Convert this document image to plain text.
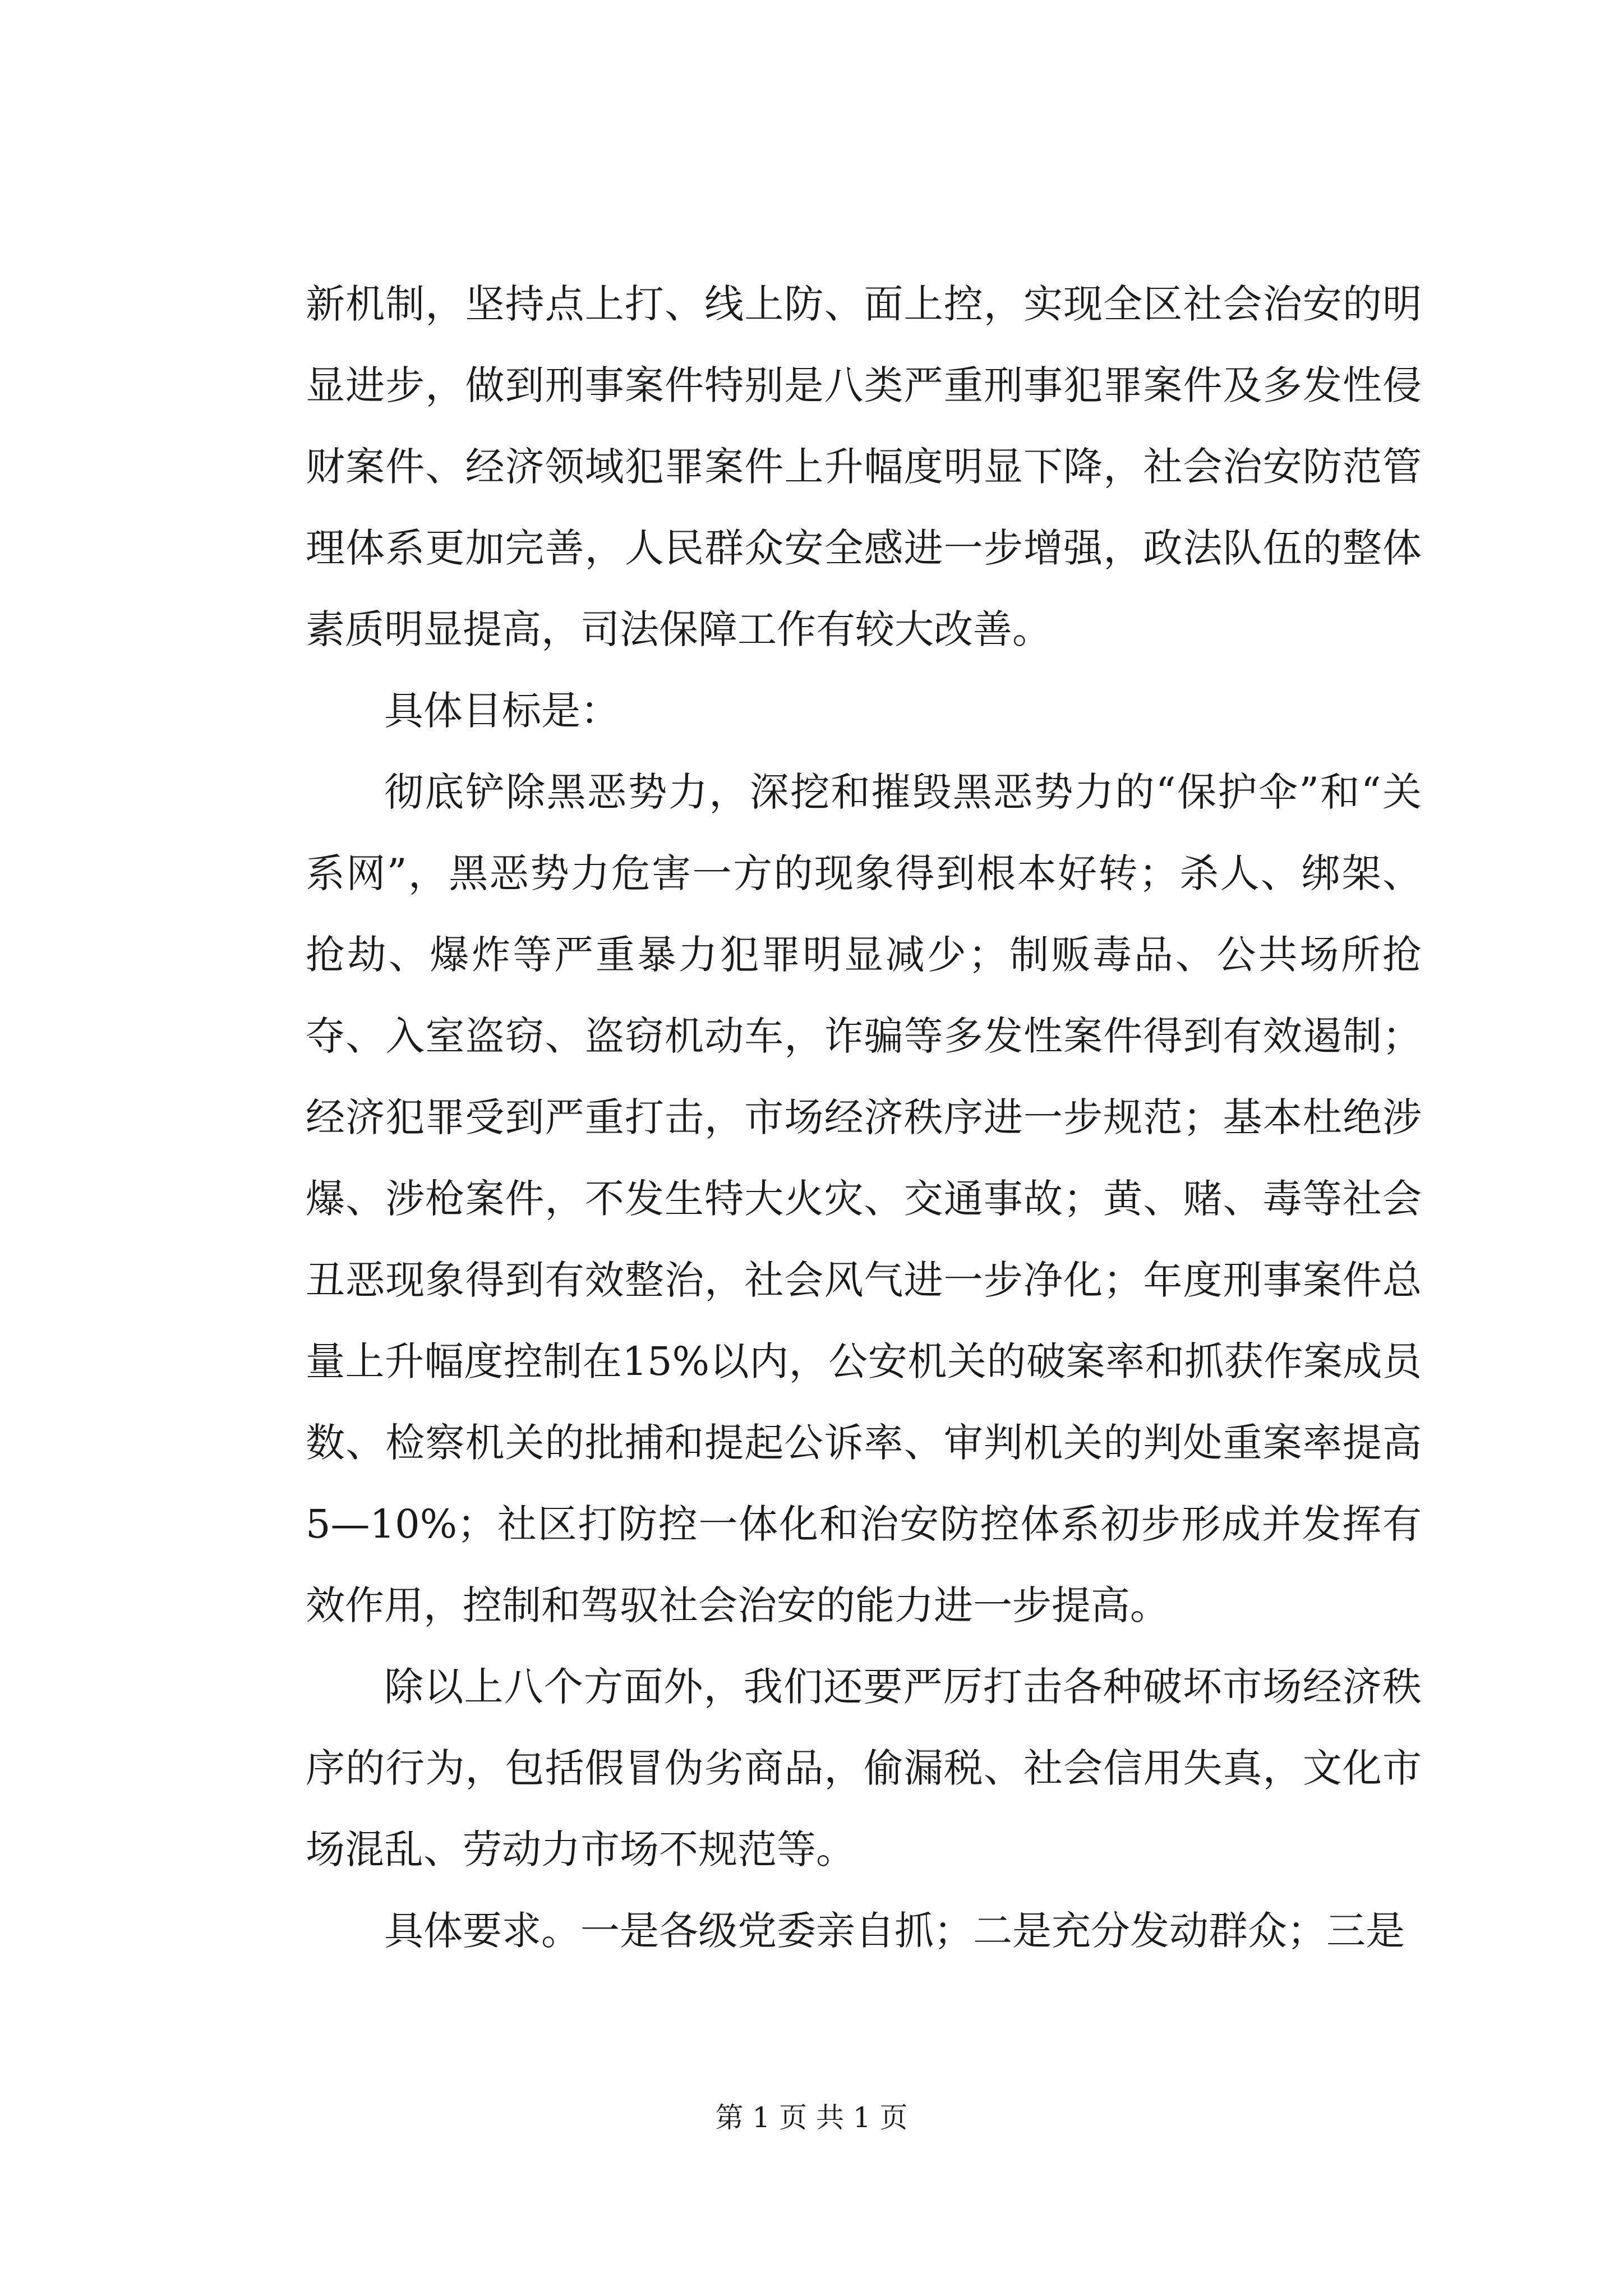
新机制，坚持点上打、线上防、面上控，实现全区社会治安的明显进步，做到刑事案件特别是八类严重刑事犯罪案件及多发性侵财案件、经济领域犯罪案件上升幅度明显下降，社会治安防范管理体系更加完善，人民群众安全感进一步增强，政法队伍的整体素质明显提高，司法保障工作有较大改善。

具体目标是：

彻底铲除黑恶势力，深挖和摧毁黑恶势力的“保护伞”和“关系网”，黑恶势力危害一方的现象得到根本好转；杀人、绑架、抢劫、爆炸等严重暴力犯罪明显减少；制贩毒品、公共场所抢夺、入室盗窃、盗窃机动车，诈骗等多发性案件得到有效遏制；经济犯罪受到严重打击，市场经济秩序进一步规范；基本杜绝涉爆、涉枪案件，不发生特大火灾、交通事故；黄、赌、毒等社会丑恶现象得到有效整治，社会风气进一步净化；年度刑事案件总量上升幅度控制在15%以内，公安机关的破案率和抓获作案成员数、检察机关的批捕和提起公诉率、审判机关的判处重案率提高5—10%；社区打防控一体化和治安防控体系初步形成并发挥有效作用，控制和驾驭社会治安的能力进一步提高。

除以上八个方面外，我们还要严厉打击各种破坏市场经济秩序的行为，包括假冒伪劣商品，偷漏税、社会信用失真，文化市场混乱、劳动力市场不规范等。

具体要求。一是各级党委亲自抓；二是充分发动群众；三是

第 1 页 共 1 页
